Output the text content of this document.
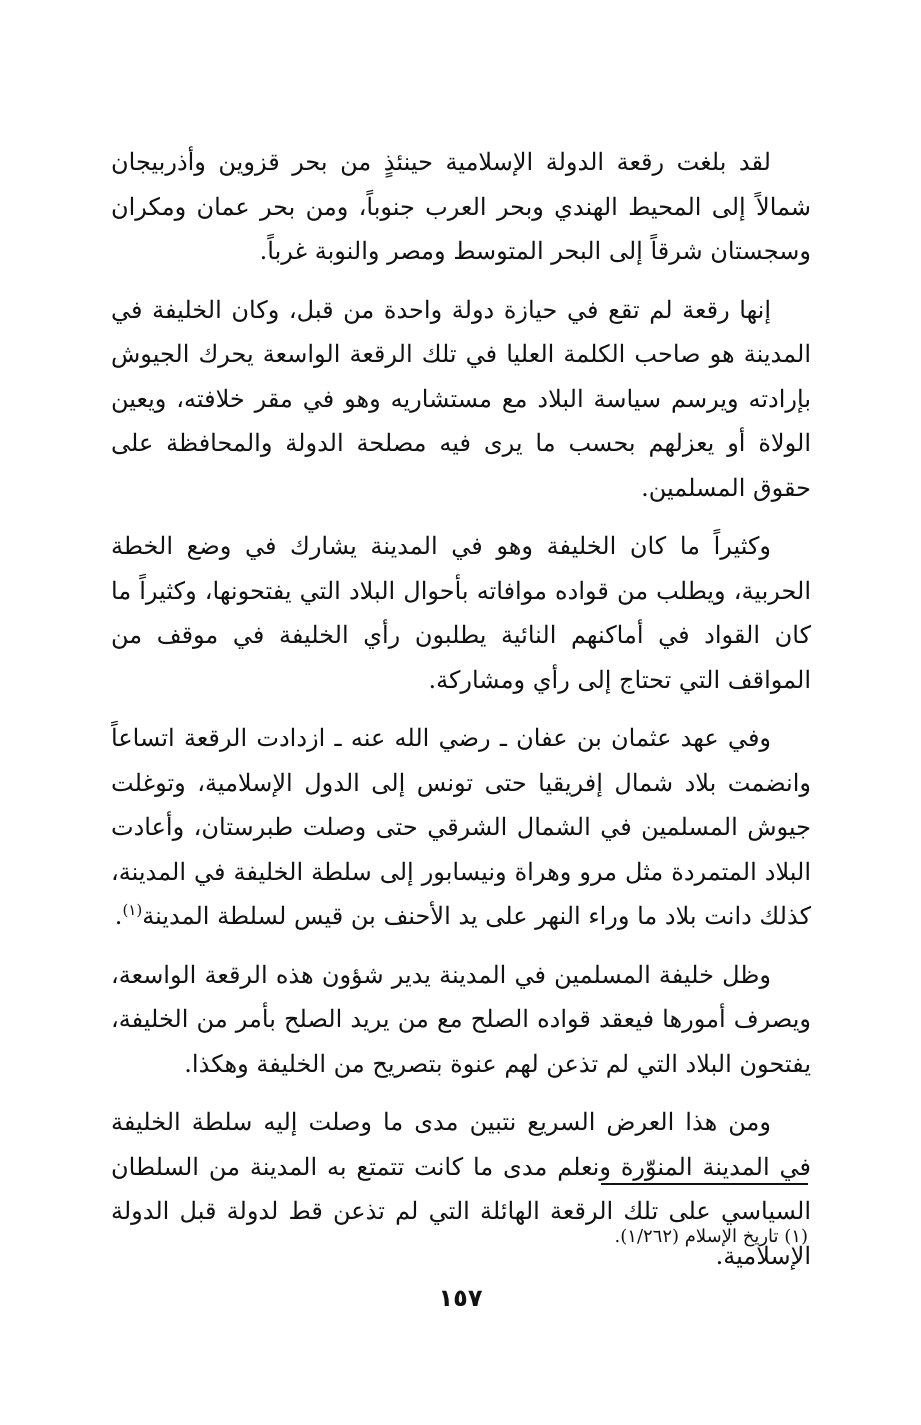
لقد بلغت رقعة الدولة الإسلامية حينئذٍ من بحر قزوين وأذربيجان شمالاً إلى المحيط الهندي وبحر العرب جنوباً، ومن بحر عمان ومكران وسجستان شرقاً إلى البحر المتوسط ومصر والنوبة غرباً.

إنها رقعة لم تقع في حيازة دولة واحدة من قبل، وكان الخليفة في المدينة هو صاحب الكلمة العليا في تلك الرقعة الواسعة يحرك الجيوش بإرادته ويرسم سياسة البلاد مع مستشاريه وهو في مقر خلافته، ويعين الولاة أو يعزلهم بحسب ما يرى فيه مصلحة الدولة والمحافظة على حقوق المسلمين.

وكثيراً ما كان الخليفة وهو في المدينة يشارك في وضع الخطة الحربية، ويطلب من قواده موافاته بأحوال البلاد التي يفتحونها، وكثيراً ما كان القواد في أماكنهم النائية يطلبون رأي الخليفة في موقف من المواقف التي تحتاج إلى رأي ومشاركة.

وفي عهد عثمان بن عفان ـ رضي الله عنه ـ ازدادت الرقعة اتساعاً وانضمت بلاد شمال إفريقيا حتى تونس إلى الدول الإسلامية، وتوغلت جيوش المسلمين في الشمال الشرقي حتى وصلت طبرستان، وأعادت البلاد المتمردة مثل مرو وهراة ونيسابور إلى سلطة الخليفة في المدينة، كذلك دانت بلاد ما وراء النهر على يد الأحنف بن قيس لسلطة المدينة$^{(١)}$.

وظل خليفة المسلمين في المدينة يدير شؤون هذه الرقعة الواسعة، ويصرف أمورها فيعقد قواده الصلح مع من يريد الصلح بأمر من الخليفة، يفتحون البلاد التي لم تذعن لهم عنوة بتصريح من الخليفة وهكذا.

ومن هذا العرض السريع نتبين مدى ما وصلت إليه سلطة الخليفة في المدينة المنوّرة ونعلم مدى ما كانت تتمتع به المدينة من السلطان السياسي على تلك الرقعة الهائلة التي لم تذعن قط لدولة قبل الدولة الإسلامية.

(١) تاريخ الإسلام (١/٢٦٢).
١٥٧
